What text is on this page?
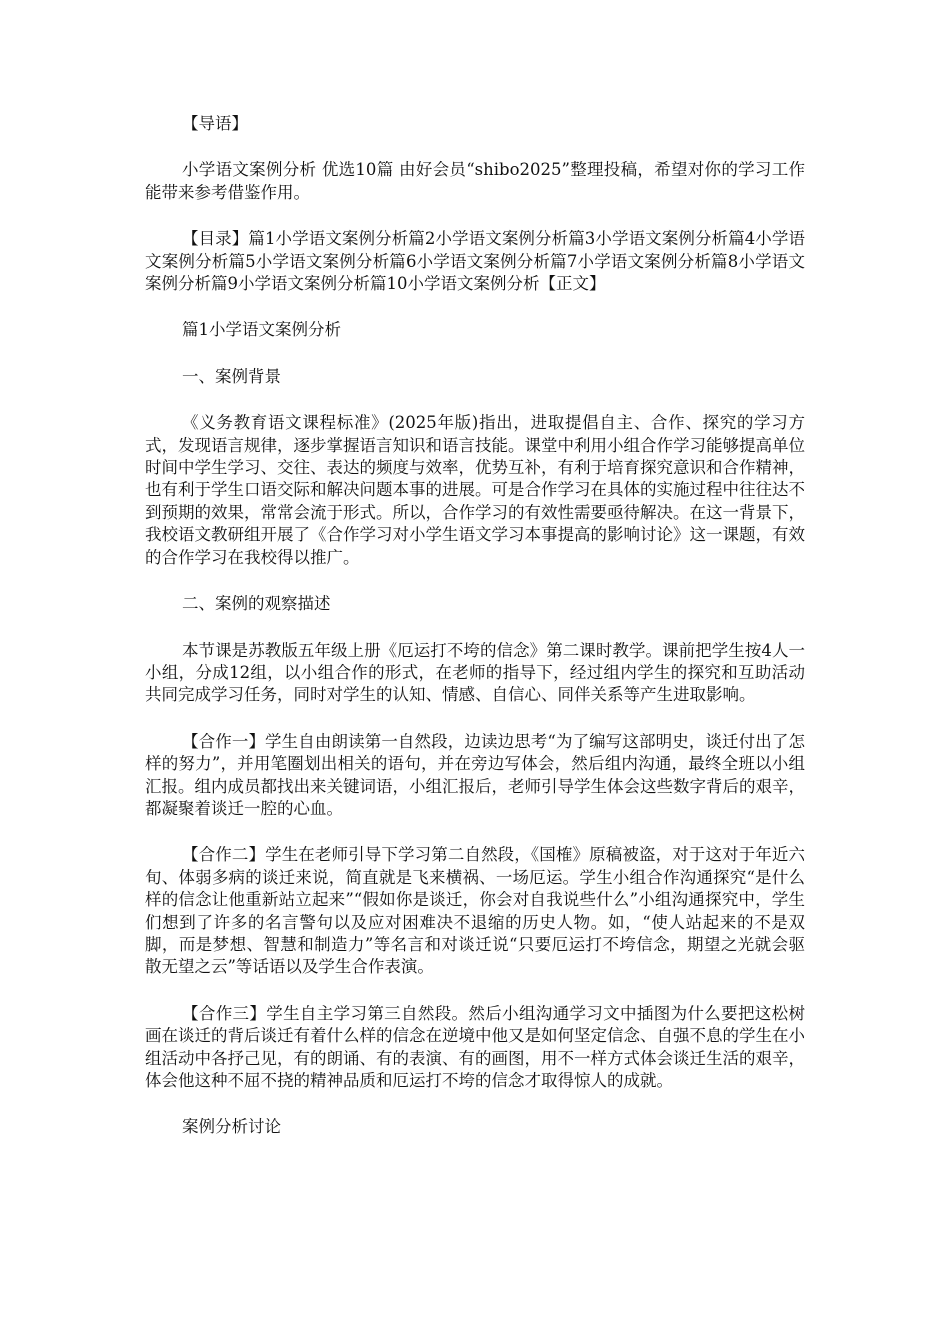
【导语】

小学语文案例分析 优选10篇 由好会员“shibo2025”整理投稿，希望对你的学习工作能带来参考借鉴作用。

【目录】篇1小学语文案例分析篇2小学语文案例分析篇3小学语文案例分析篇4小学语文案例分析篇5小学语文案例分析篇6小学语文案例分析篇7小学语文案例分析篇8小学语文案例分析篇9小学语文案例分析篇10小学语文案例分析【正文】

篇1小学语文案例分析

一、案例背景

《义务教育语文课程标准》(2025年版)指出，进取提倡自主、合作、探究的学习方式，发现语言规律，逐步掌握语言知识和语言技能。课堂中利用小组合作学习能够提高单位时间中学生学习、交往、表达的频度与效率，优势互补，有利于培育探究意识和合作精神，也有利于学生口语交际和解决问题本事的进展。可是合作学习在具体的实施过程中往往达不到预期的效果，常常会流于形式。所以，合作学习的有效性需要亟待解决。在这一背景下，我校语文教研组开展了《合作学习对小学生语文学习本事提高的影响讨论》这一课题，有效的合作学习在我校得以推广。

二、案例的观察描述

本节课是苏教版五年级上册《厄运打不垮的信念》第二课时教学。课前把学生按4人一小组，分成12组，以小组合作的形式，在老师的指导下，经过组内学生的探究和互助活动共同完成学习任务，同时对学生的认知、情感、自信心、同伴关系等产生进取影响。

【合作一】学生自由朗读第一自然段，边读边思考“为了编写这部明史，谈迁付出了怎样的努力”，并用笔圈划出相关的语句，并在旁边写体会，然后组内沟通，最终全班以小组汇报。组内成员都找出来关键词语，小组汇报后，老师引导学生体会这些数字背后的艰辛，都凝聚着谈迁一腔的心血。

【合作二】学生在老师引导下学习第二自然段，《国榷》原稿被盗，对于这对于年近六旬、体弱多病的谈迁来说，简直就是飞来横祸、一场厄运。学生小组合作沟通探究“是什么样的信念让他重新站立起来”“假如你是谈迁，你会对自我说些什么”小组沟通探究中，学生们想到了许多的名言警句以及应对困难决不退缩的历史人物。如，“使人站起来的不是双脚，而是梦想、智慧和制造力”等名言和对谈迁说“只要厄运打不垮信念，期望之光就会驱散无望之云”等话语以及学生合作表演。

【合作三】学生自主学习第三自然段。然后小组沟通学习文中插图为什么要把这松树画在谈迁的背后谈迁有着什么样的信念在逆境中他又是如何坚定信念、自强不息的学生在小组活动中各抒己见，有的朗诵、有的表演、有的画图，用不一样方式体会谈迁生活的艰辛，体会他这种不屈不挠的精神品质和厄运打不垮的信念才取得惊人的成就。

案例分析讨论
